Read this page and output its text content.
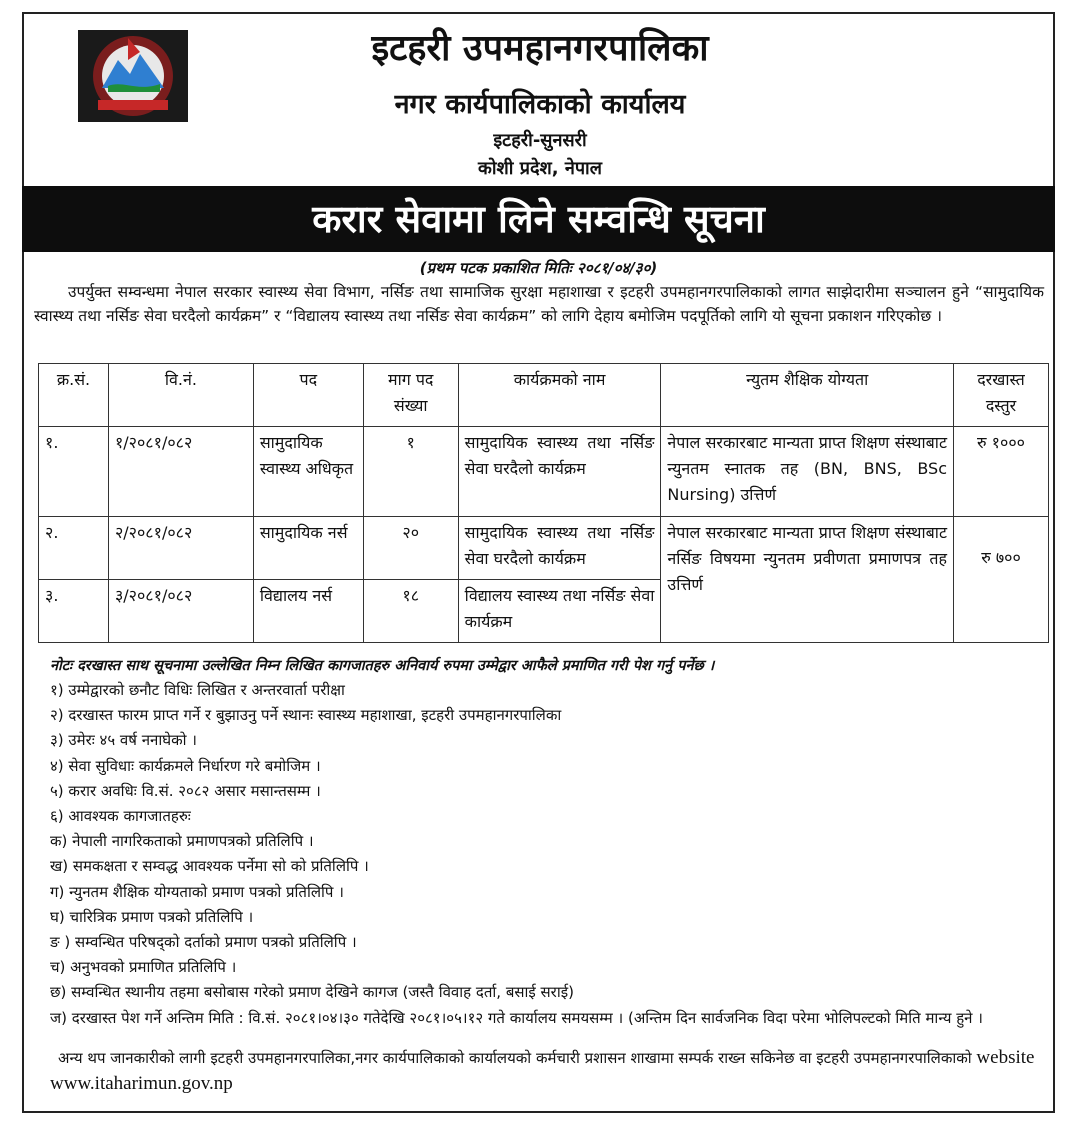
इटहरी उपमहानगरपालिका
नगर कार्यपालिकाको कार्यालय
इटहरी-सुनसरी
कोशी प्रदेश, नेपाल
करार सेवामा लिने सम्वन्धि सूचना
(प्रथम पटक प्रकाशित मितिः २०८१/०४/३०)
उपर्युक्त सम्वन्धमा नेपाल सरकार स्वास्थ्य सेवा विभाग, नर्सिङ तथा सामाजिक सुरक्षा महाशाखा र इटहरी उपमहानगरपालिकाको लागत साझेदारीमा सञ्चालन हुने “सामुदायिक स्वास्थ्य तथा नर्सिङ सेवा घरदैलो कार्यक्रम” र “विद्यालय स्वास्थ्य तथा नर्सिङ सेवा कार्यक्रम” को लागि देहाय बमोजिम पदपूर्तिको लागि यो सूचना प्रकाशन गरिएकोछ ।
क्र.सं.	वि.नं.	पद	माग पद संख्या	कार्यक्रमको नाम	न्युतम शैक्षिक योग्यता	दरखास्त दस्तुर
१.	१/२०८१/०८२	सामुदायिक स्वास्थ्य अधिकृत	१	सामुदायिक स्वास्थ्य तथा नर्सिङ सेवा घरदैलो कार्यक्रम	नेपाल सरकारबाट मान्यता प्राप्त शिक्षण संस्थाबाट न्युनतम स्नातक तह (BN, BNS, BSc Nursing) उत्तिर्ण	रु १०००
२.	२/२०८१/०८२	सामुदायिक नर्स	२०	सामुदायिक स्वास्थ्य तथा नर्सिङ सेवा घरदैलो कार्यक्रम	नेपाल सरकारबाट मान्यता प्राप्त शिक्षण संस्थाबाट नर्सिङ विषयमा न्युनतम प्रवीणता प्रमाणपत्र तह उत्तिर्ण	रु ७००
३.	३/२०८१/०८२	विद्यालय नर्स	१८	विद्यालय स्वास्थ्य तथा नर्सिङ सेवा कार्यक्रम		
नोटः दरखास्त साथ सूचनामा उल्लेखित निम्न लिखित कागजातहरु अनिवार्य रुपमा उम्मेद्वार आफैले प्रमाणित गरी पेश गर्नु पर्नेछ ।
१) उम्मेद्वारको छनौट विधिः लिखित र अन्तरवार्ता परीक्षा
२) दरखास्त फारम प्राप्त गर्ने र बुझाउनु पर्ने स्थानः स्वास्थ्य महाशाखा, इटहरी उपमहानगरपालिका
३) उमेरः ४५ वर्ष ननाघेको ।
४) सेवा सुविधाः कार्यक्रमले निर्धारण गरे बमोजिम ।
५) करार अवधिः वि.सं. २०८२ असार मसान्तसम्म ।
६) आवश्यक कागजातहरुः
क) नेपाली नागरिकताको प्रमाणपत्रको प्रतिलिपि ।
ख) समकक्षता र सम्वद्ध आवश्यक पर्नेमा सो को प्रतिलिपि ।
ग) न्युनतम शैक्षिक योग्यताको प्रमाण पत्रको प्रतिलिपि ।
घ) चारित्रिक प्रमाण पत्रको प्रतिलिपि ।
ङ ) सम्वन्धित परिषद्को दर्ताको प्रमाण पत्रको प्रतिलिपि ।
च) अनुभवको प्रमाणित प्रतिलिपि ।
छ) सम्वन्धित स्थानीय तहमा बसोबास गरेको प्रमाण देखिने कागज (जस्तै विवाह दर्ता, बसाई सराई)
ज) दरखास्त पेश गर्ने अन्तिम मिति : वि.सं. २०८१।०४।३० गतेदेखि २०८१।०५।१२ गते कार्यालय समयसम्म । (अन्तिम दिन सार्वजनिक विदा परेमा भोलिपल्टको मिति मान्य हुने ।
अन्य थप जानकारीको लागी इटहरी उपमहानगरपालिका,नगर कार्यपालिकाको कार्यालयको कर्मचारी प्रशासन शाखामा सम्पर्क राख्न सकिनेछ वा इटहरी उपमहानगरपालिकाको website www.itaharimun.gov.np
